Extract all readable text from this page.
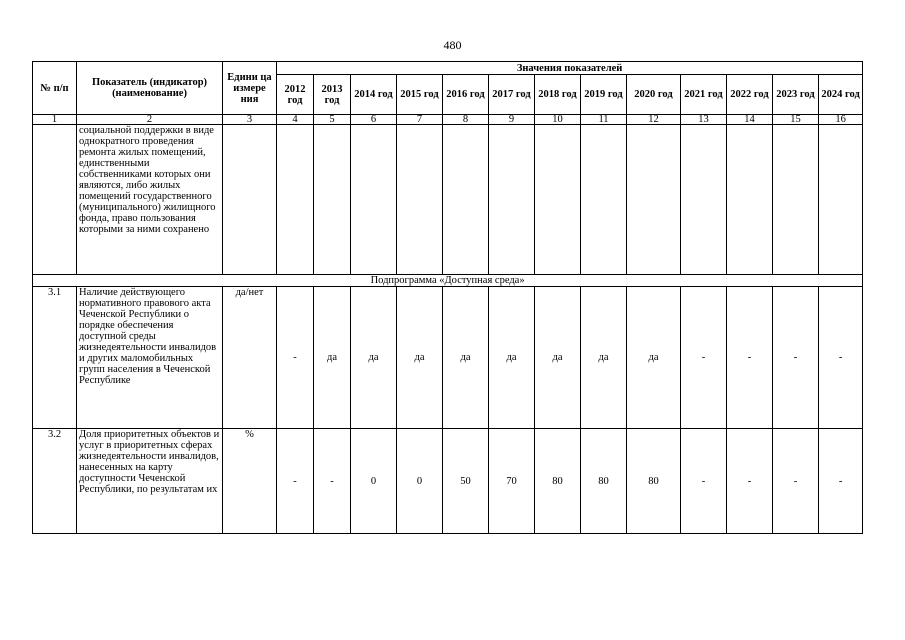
480
№ п/п	Показатель (индикатор) (наименование)	Едини ца измере ния	Значения показателей												
			2012 год	2013 год	2014 год	2015 год	2016 год	2017 год	2018 год	2019 год	2020 год	2021 год	2022 год	2023 год	2024 год
1	2	3	4	5	6	7	8	9	10	11	12	13	14	15	16
	социальной поддержки в виде однократного проведения ремонта жилых помещений, единственными собственниками которых они являются, либо жилых помещений государственного (муниципального) жилищного фонда, право пользования которыми за ними сохранено														
Подпрограмма «Доступная среда»															
3.1	Наличие действующего нормативного правового акта Чеченской Республики о порядке обеспечения доступной среды жизнедеятельности инвалидов и других маломобильных групп населения в Чеченской Республике	да/нет	-	да	да	да	да	да	да	да	да	-	-	-	-
3.2	Доля приоритетных объектов и услуг в приоритетных сферах жизнедеятельности инвалидов, нанесенных на карту доступности Чеченской Республики, по результатам их	%	-	-	0	0	50	70	80	80	80	-	-	-	-
